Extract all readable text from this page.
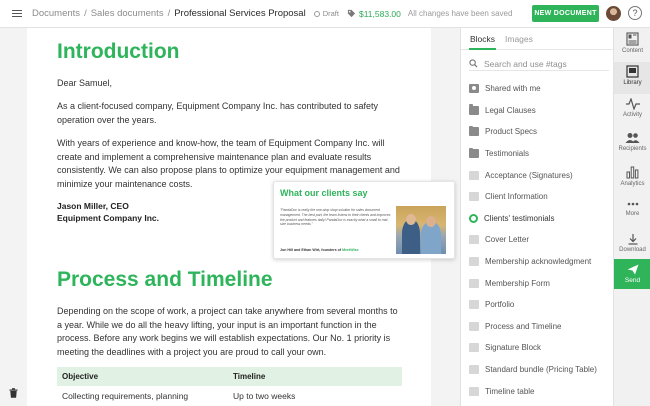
Documents / Sales documents / Professional Services Proposal Draft $11,583.00 All changes have been saved	NEW DOCUMENT	?
Introduction
Dear Samuel,
As a client-focused company, Equipment Company Inc. has contributed to safety operation over the years.
With years of experience and know-how, the team of Equipment Company Inc. will create and implement a comprehensive maintenance plan and evaluate results consistently. We can also propose plans to optimize your equipment management and minimize your maintenance costs.
Jason Miller, CEO
Equipment Company Inc.
Process and Timeline
Depending on the scope of work, a project can take anywhere from several months to a year. While we do all the heavy lifting, your input is an important function in the process. Before any work begins we will establish expectations. Our No. 1 priority is meeting the deadlines with a project you are proud to call your own.
Objective	Timeline
Collecting requirements, planning	Up to two weeks
What our clients say
"PandaDoc is really the one-stop shop solution for sales document management. The best part, the team listens to their clients and improves the product and features daily! PandaDoc is exactly what a small to mid-size business needs."
Jon Hill and Ethan Wirt, founders of MeetWise
Blocks Images
Search and use #tags
Shared with me
Legal Clauses
Product Specs
Testimonials
Acceptance (Signatures)
Client Information
Clients' testimonials
Cover Letter
Membership acknowledgment
Membership Form
Portfolio
Process and Timeline
Signature Block
Standard bundle (Pricing Table)
Timeline table
Content
Library
Activity
Recipients
Analytics
More
Download
Send
